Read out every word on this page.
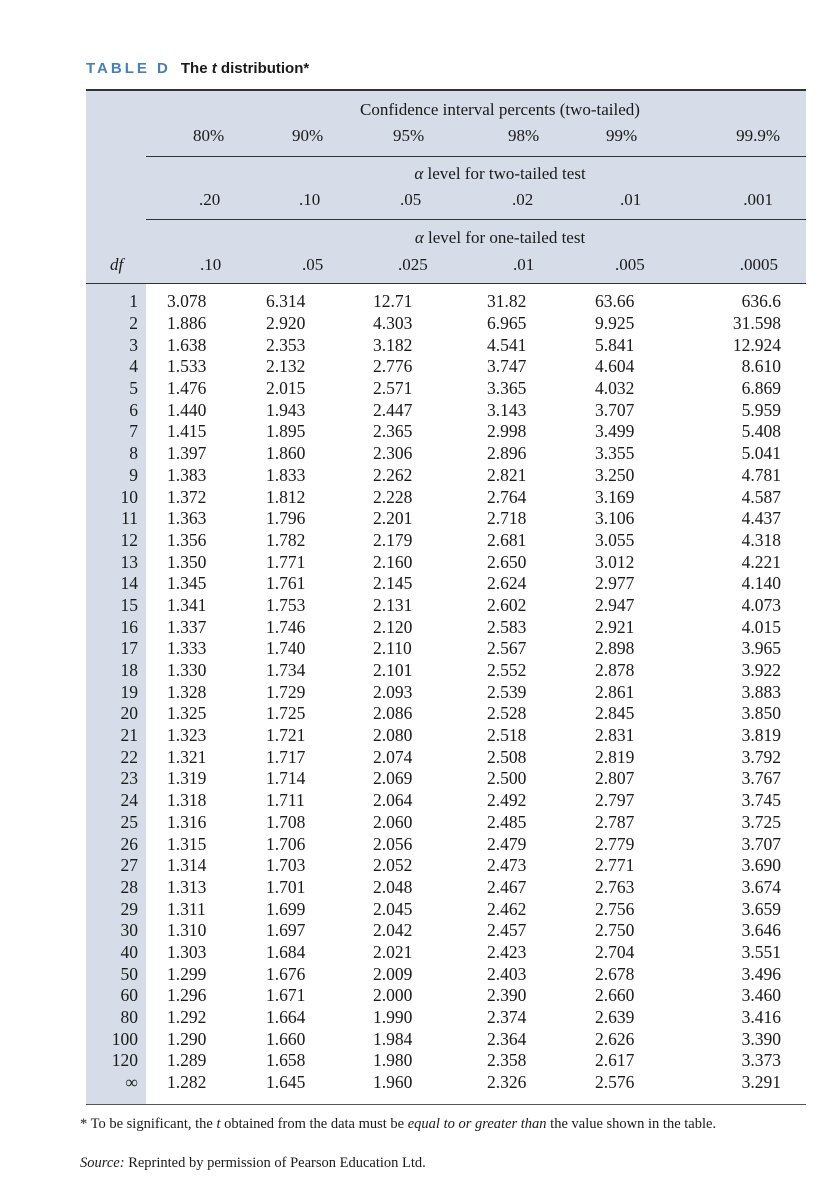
TABLE D The t distribution*
Confidence interval percents (two-tailed)
80%	90%	95%	98%	99%	99.9%
α level for two-tailed test
.20	.10	.05	.02	.01	.001
α level for one-tailed test
df	.10	.05	.025	.01	.005	.0005
1	3.078	6.314	12.71	31.82	63.66	636.6
2	1.886	2.920	4.303	6.965	9.925	31.598
3	1.638	2.353	3.182	4.541	5.841	12.924
4	1.533	2.132	2.776	3.747	4.604	8.610
5	1.476	2.015	2.571	3.365	4.032	6.869
6	1.440	1.943	2.447	3.143	3.707	5.959
7	1.415	1.895	2.365	2.998	3.499	5.408
8	1.397	1.860	2.306	2.896	3.355	5.041
9	1.383	1.833	2.262	2.821	3.250	4.781
10	1.372	1.812	2.228	2.764	3.169	4.587
11	1.363	1.796	2.201	2.718	3.106	4.437
12	1.356	1.782	2.179	2.681	3.055	4.318
13	1.350	1.771	2.160	2.650	3.012	4.221
14	1.345	1.761	2.145	2.624	2.977	4.140
15	1.341	1.753	2.131	2.602	2.947	4.073
16	1.337	1.746	2.120	2.583	2.921	4.015
17	1.333	1.740	2.110	2.567	2.898	3.965
18	1.330	1.734	2.101	2.552	2.878	3.922
19	1.328	1.729	2.093	2.539	2.861	3.883
20	1.325	1.725	2.086	2.528	2.845	3.850
21	1.323	1.721	2.080	2.518	2.831	3.819
22	1.321	1.717	2.074	2.508	2.819	3.792
23	1.319	1.714	2.069	2.500	2.807	3.767
24	1.318	1.711	2.064	2.492	2.797	3.745
25	1.316	1.708	2.060	2.485	2.787	3.725
26	1.315	1.706	2.056	2.479	2.779	3.707
27	1.314	1.703	2.052	2.473	2.771	3.690
28	1.313	1.701	2.048	2.467	2.763	3.674
29	1.311	1.699	2.045	2.462	2.756	3.659
30	1.310	1.697	2.042	2.457	2.750	3.646
40	1.303	1.684	2.021	2.423	2.704	3.551
50	1.299	1.676	2.009	2.403	2.678	3.496
60	1.296	1.671	2.000	2.390	2.660	3.460
80	1.292	1.664	1.990	2.374	2.639	3.416
100	1.290	1.660	1.984	2.364	2.626	3.390
120	1.289	1.658	1.980	2.358	2.617	3.373
∞	1.282	1.645	1.960	2.326	2.576	3.291
* To be significant, the t obtained from the data must be equal to or greater than the value shown in the table.
Source: Reprinted by permission of Pearson Education Ltd.
